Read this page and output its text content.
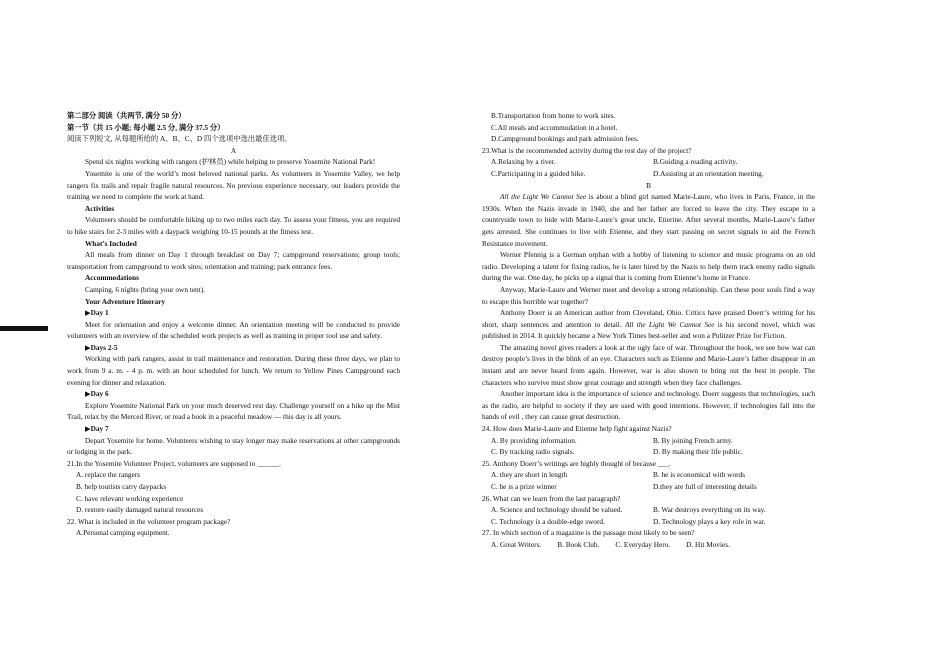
第二部分 阅读（共两节, 满分 50 分）
第一节（共 15 小题; 每小题 2.5 分, 满分 37.5 分）
阅读下列短文, 从每题所给的 A、B、C、D 四个选项中选出最佳选项。
A

Spend six nights working with rangers (护林员) while helping to preserve Yosemite National Park!

Yosemite is one of the world’s most beloved national parks. As volunteers in Yosemite Valley, we help rangers fix trails and repair fragile natural resources. No previous experience necessary, our leaders provide the training we need to complete the work at hand.

Activities

Volunteers should be comfortable hiking up to two miles each day. To assess your fitness, you are required to hike stairs for 2-3 miles with a daypack weighing 10-15 pounds at the fitness test.

What’s Included

All meals from dinner on Day 1 through breakfast on Day 7; campground reservations; group tools; transportation from campground to work sites; orientation and training; park entrance fees.

Accommodations
Camping, 6 nights (bring your own tent).
Your Adventure Itinerary
▶Day 1

Meet for orientation and enjoy a welcome dinner. An orientation meeting will be conducted to provide volunteers with an overview of the scheduled work projects as well as training in proper tool use and safety.

▶Days 2-5

Working with park rangers, assist in trail maintenance and restoration. During these three days, we plan to work from 9 a. m. - 4 p. m. with an hour scheduled for lunch. We return to Yellow Pines Campground each evening for dinner and relaxation.

▶Day 6

Explore Yosemite National Park on your much deserved rest day. Challenge yourself on a hike up the Mist Trail, relax by the Merced River, or read a book in a peaceful meadow — this day is all yours.

▶Day 7

Depart Yosemite for home. Volunteers wishing to stay longer may make reservations at other campgrounds or lodging in the park.

21.In the Yosemite Volunteer Project, volunteers are supposed to ______.
A. replace the rangers
B. help tourists carry daypacks
C. have relevant working experience
D. restore easily damaged natural resources
22. What is included in the volunteer program package?
A.Personal camping equipment.
B.Transportation from home to work sites.
C.All meals and accommodation in a hotel.
D.Campground bookings and park admission fees.
23.What is the recommended activity during the rest day of the project?
A.Relaxing by a river.	B.Guiding a reading activity.
C.Participating in a guided hike.	D.Assisting at an orientation meeting.
B

All the Light We Cannot See is about a blind girl named Marie-Laure, who lives in Paris, France, in the 1930s. When the Nazis invade in 1940, she and her father are forced to leave the city. They escape to a countryside town to hide with Marie-Laure’s great uncle, Etierine. After several months, Marie-Laure’s father gets arrested. She continues to live with Etienne, and they start passing on secret signals to aid the French Resistance movement.

Werner Pfennig is a German orphan with a hobby of listening to science and music programs on an old radio. Developing a talent for fixing radios, he is later hired by the Nazis to help them track enemy radio signals during the war. One day, he picks up a signal that is coming from Etienne’s home in France.

Anyway, Marie-Laure and Werner meet and develop a strong relationship. Can these poor souls find a way to escape this horrible war together?

Anthony Doerr is an American author from Cleveland, Ohio. Critics have praised Doerr’s writing for his short, sharp sentences and attention to detail. All the Light We Cannot See is his second novel, which was published in 2014. It quickly became a New York Times best-seller and won a Pulitzer Prize for Fiction.

The amazing novel gives readers a look at the ugly face of war. Throughout the book, we see how war can destroy people’s lives in the blink of an eye. Characters such as Etienne and Marie-Laure’s father disappear in an instant and are never heard from again. However, war is also shown to bring out the best in people. The characters who survive must show great courage and strength when they face challenges.

Another important idea is the importance of science and technology. Doerr suggests that technologies, such as the radio, are helpful to society if they are used with good intentions. However, if technologies fall into the hands of evil , they can cause great destruction.

24. How does Marie-Laure and Etienne help fight against Nazis?
A. By providing information.	B. By joining French army.
C. By tracking radio signals.	D. By making their life public.
25. Anthony Doerr’s writings are highly thought of because ___.
A. they are short in length	B. he is economical with words
C. he is a prize winner	D.they are full of interesting details
26. What can we learn from the last paragraph?
A. Science and technology should be valued.	B. War destroys everything on its way.
C. Technology is a double-edge sword.	D. Technology plays a key role in war.
27. In which section of a magazine is the passage most likely to be seen?
A. Great Writers. B. Book Club. C. Everyday Hero. D. Hit Movies.
